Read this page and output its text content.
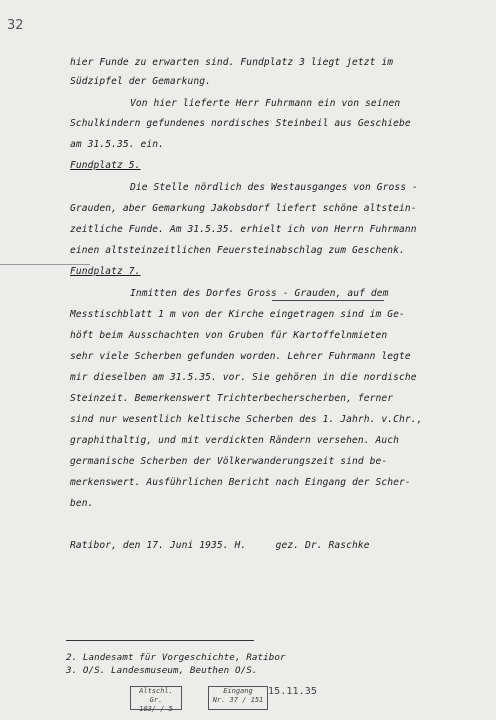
32
hier Funde zu erwarten sind. Fundplatz 3 liegt jetzt im
Südzipfel der Gemarkung.
Von hier lieferte Herr Fuhrmann ein von seinen
Schulkindern gefundenes nordisches Steinbeil aus Geschiebe
am 31.5.35. ein.
Fundplatz 5.
Die Stelle nördlich des Westausganges von Gross -
Grauden, aber Gemarkung Jakobsdorf liefert schöne altstein-
zeitliche Funde. Am 31.5.35. erhielt ich von Herrn Fuhrmann
einen altsteinzeitlichen Feuersteinabschlag zum Geschenk.
Fundplatz 7.
Inmitten des Dorfes Gross - Grauden, auf dem
Messtischblatt 1 m von der Kirche eingetragen sind im Ge-
höft beim Ausschachten von Gruben für Kartoffelnmieten
sehr viele Scherben gefunden worden. Lehrer Fuhrmann legte
mir dieselben am 31.5.35. vor. Sie gehören in die nordische
Steinzeit. Bemerkenswert Trichterbecherscherben, ferner
sind nur wesentlich keltische Scherben des 1. Jahrh. v.Chr.,
graphithaltig, und mit verdickten Rändern versehen. Auch
germanische Scherben der Völkerwanderungszeit sind be-
merkenswert. Ausführlichen Bericht nach Eingang der Scher-
ben.
Ratibor, den 17. Juni 1935. H.     gez. Dr. Raschke
2. Landesamt für Vorgeschichte, Ratibor
3. O/S. Landesmuseum, Beuthen O/S.
Altschl. Gr.
103/ / 5
Eingang
Nr. 37 / 151
15.11.35
